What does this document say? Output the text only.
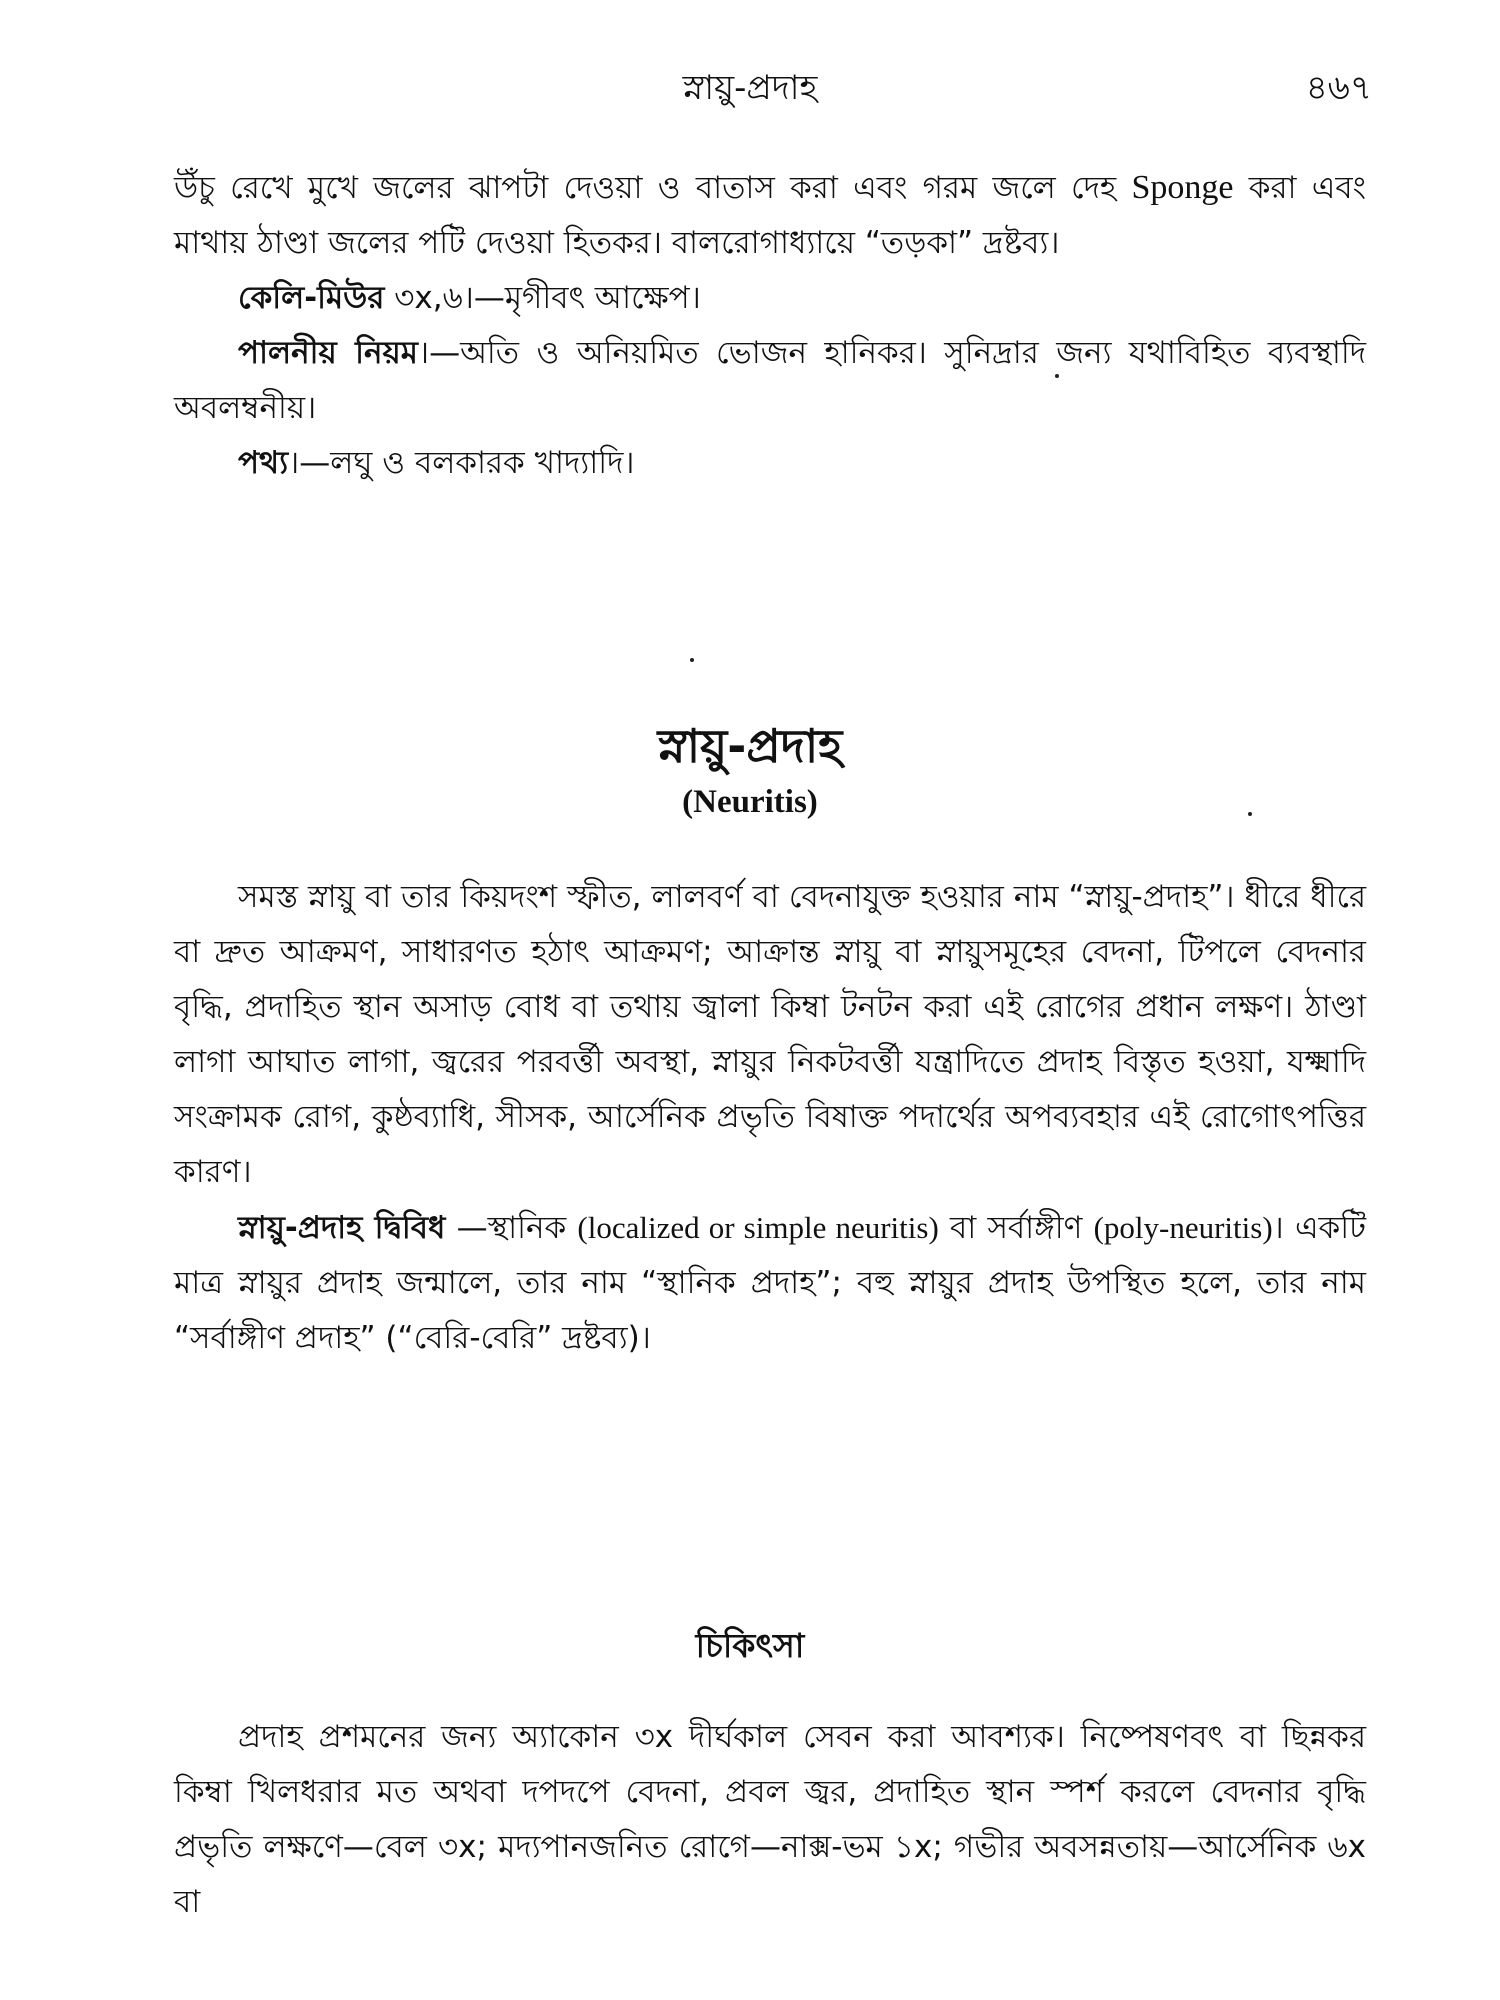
স্নায়ু-প্রদাহ	৪৬৭

উঁচু রেখে মুখে জলের ঝাপটা দেওয়া ও বাতাস করা এবং গরম জলে দেহ Sponge করা এবং মাথায় ঠাণ্ডা জলের পটি দেওয়া হিতকর। বালরোগাধ্যায়ে “তড়কা” দ্রষ্টব্য।

কেলি-মিউর ৩x,৬।—মৃগীবৎ আক্ষেপ।

পালনীয় নিয়ম।—অতি ও অনিয়মিত ভোজন হানিকর। সুনিদ্রার জন্য যথাবিহিত ব্যবস্থাদি অবলম্বনীয়।

পথ্য।—লঘু ও বলকারক খাদ্যাদি।

স্নায়ু-প্রদাহ
(Neuritis)

সমস্ত স্নায়ু বা তার কিয়দংশ স্ফীত, লালবর্ণ বা বেদনাযুক্ত হওয়ার নাম “স্নায়ু-প্রদাহ”। ধীরে ধীরে বা দ্রুত আক্রমণ, সাধারণত হঠাৎ আক্রমণ; আক্রান্ত স্নায়ু বা স্নায়ুসমূহের বেদনা, টিপলে বেদনার বৃদ্ধি, প্রদাহিত স্থান অসাড় বোধ বা তথায় জ্বালা কিম্বা টনটন করা এই রোগের প্রধান লক্ষণ। ঠাণ্ডা লাগা আঘাত লাগা, জ্বরের পরবর্ত্তী অবস্থা, স্নায়ুর নিকটবর্ত্তী যন্ত্রাদিতে প্রদাহ বিস্তৃত হওয়া, যক্ষ্মাদি সংক্রামক রোগ, কুষ্ঠব্যাধি, সীসক, আর্সেনিক প্রভৃতি বিষাক্ত পদার্থের অপব্যবহার এই রোগোৎপত্তির কারণ।

স্নায়ু-প্রদাহ দ্বিবিধ —স্থানিক (localized or simple neuritis) বা সর্বাঙ্গীণ (poly-neuritis)। একটি মাত্র স্নায়ুর প্রদাহ জন্মালে, তার নাম “স্থানিক প্রদাহ”; বহু স্নায়ুর প্রদাহ উপস্থিত হলে, তার নাম “সর্বাঙ্গীণ প্রদাহ” (“বেরি-বেরি” দ্রষ্টব্য)।

চিকিৎসা

প্রদাহ প্রশমনের জন্য অ্যাকোন ৩x দীর্ঘকাল সেবন করা আবশ্যক। নিষ্পেষণবৎ বা ছিন্নকর কিম্বা খিলধরার মত অথবা দপদপে বেদনা, প্রবল জ্বর, প্রদাহিত স্থান স্পর্শ করলে বেদনার বৃদ্ধি প্রভৃতি লক্ষণে—বেল ৩x; মদ্যপানজনিত রোগে—নাক্স-ভম ১x; গভীর অবসন্নতায়—আর্সেনিক ৬x বা
